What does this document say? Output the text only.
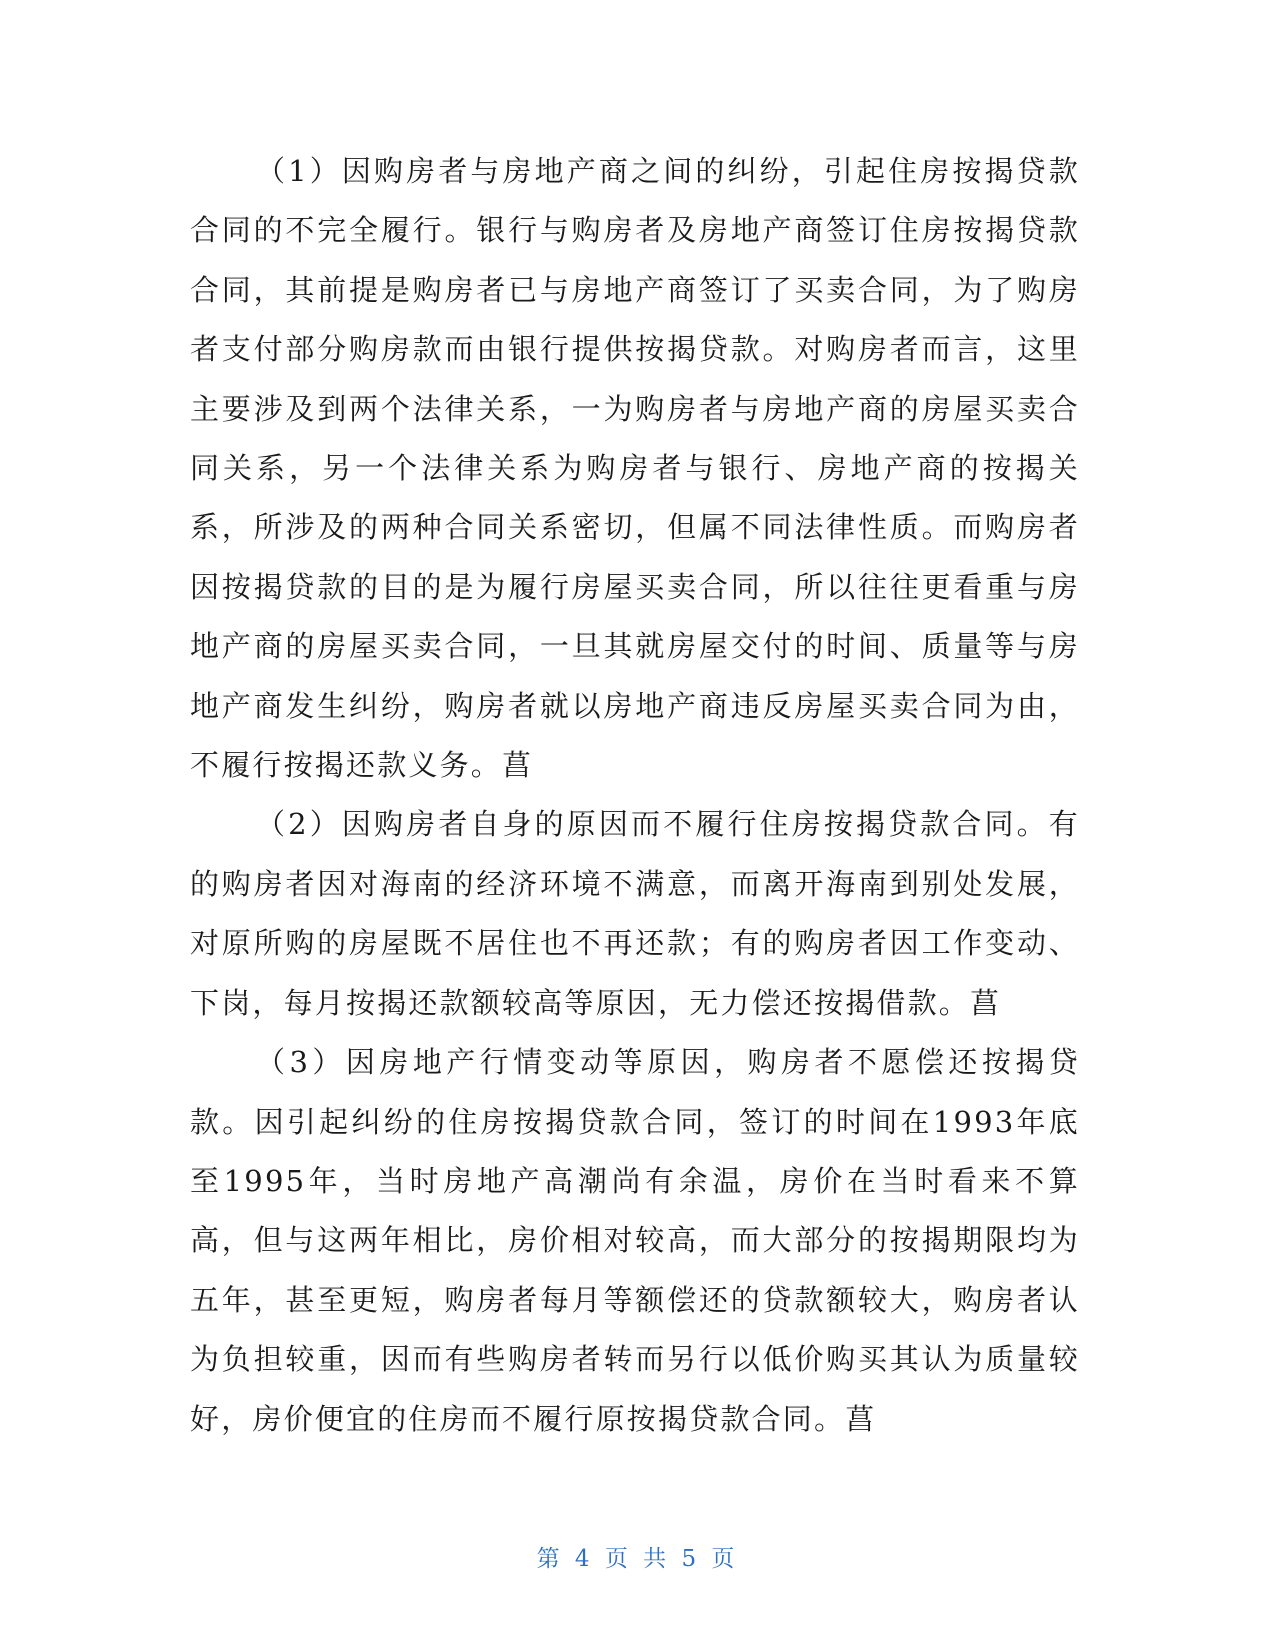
（1）因购房者与房地产商之间的纠纷，引起住房按揭贷款合同的不完全履行。银行与购房者及房地产商签订住房按揭贷款合同，其前提是购房者已与房地产商签订了买卖合同，为了购房者支付部分购房款而由银行提供按揭贷款。对购房者而言，这里主要涉及到两个法律关系，一为购房者与房地产商的房屋买卖合同关系，另一个法律关系为购房者与银行、房地产商的按揭关系，所涉及的两种合同关系密切，但属不同法律性质。而购房者因按揭贷款的目的是为履行房屋买卖合同，所以往往更看重与房地产商的房屋买卖合同，一旦其就房屋交付的时间、质量等与房地产商发生纠纷，购房者就以房地产商违反房屋买卖合同为由，不履行按揭还款义务。菖

（2）因购房者自身的原因而不履行住房按揭贷款合同。有的购房者因对海南的经济环境不满意，而离开海南到别处发展，对原所购的房屋既不居住也不再还款；有的购房者因工作变动、下岗，每月按揭还款额较高等原因，无力偿还按揭借款。菖

（3）因房地产行情变动等原因，购房者不愿偿还按揭贷款。因引起纠纷的住房按揭贷款合同，签订的时间在1993年底至1995年，当时房地产高潮尚有余温，房价在当时看来不算高，但与这两年相比，房价相对较高，而大部分的按揭期限均为五年，甚至更短，购房者每月等额偿还的贷款额较大，购房者认为负担较重，因而有些购房者转而另行以低价购买其认为质量较好，房价便宜的住房而不履行原按揭贷款合同。菖

第 4 页 共 5 页
